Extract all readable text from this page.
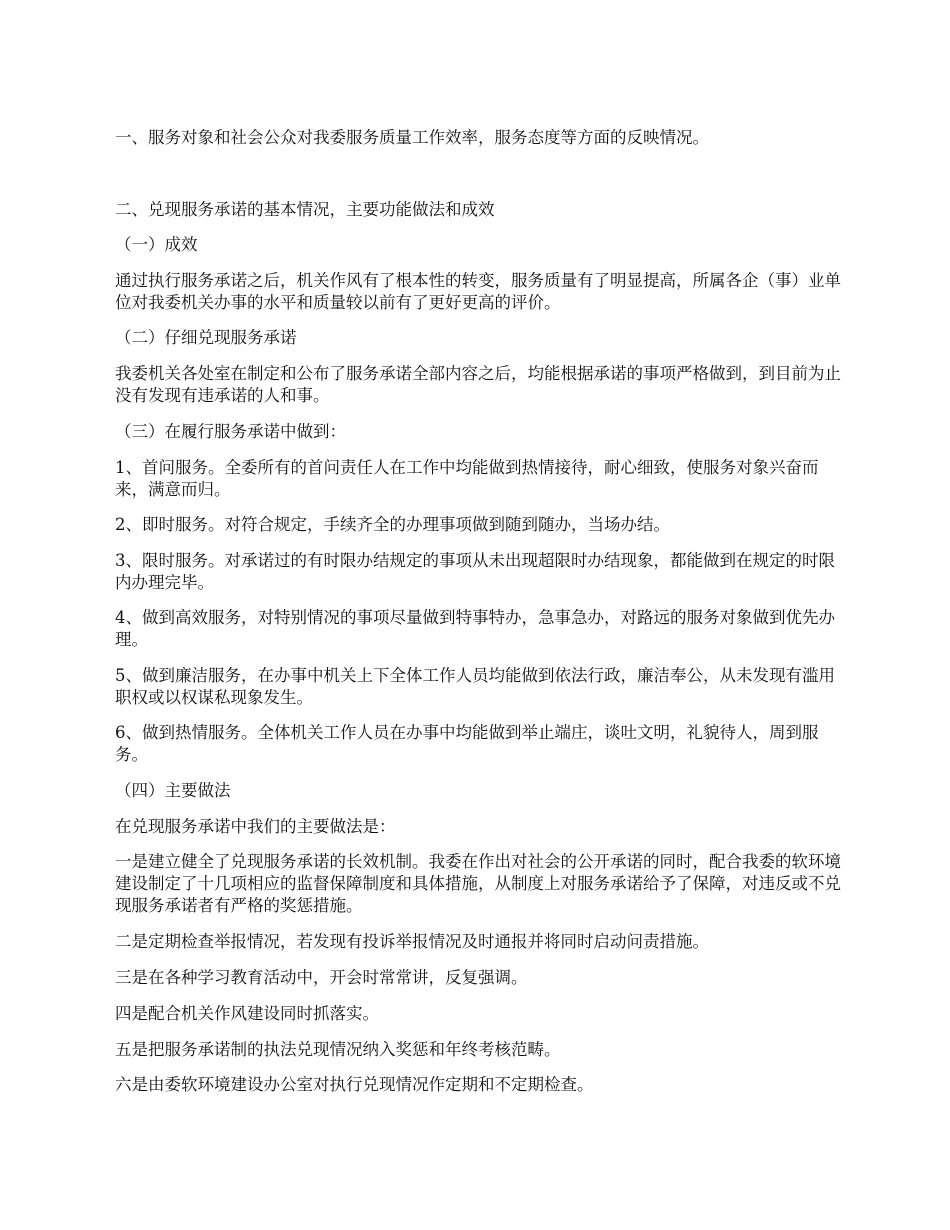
一、服务对象和社会公众对我委服务质量工作效率，服务态度等方面的反映情况。

二、兑现服务承诺的基本情况，主要功能做法和成效

（一）成效

通过执行服务承诺之后，机关作风有了根本性的转变，服务质量有了明显提高，所属各企（事）业单位对我委机关办事的水平和质量较以前有了更好更高的评价。

（二）仔细兑现服务承诺

我委机关各处室在制定和公布了服务承诺全部内容之后，均能根据承诺的事项严格做到，到目前为止没有发现有违承诺的人和事。

（三）在履行服务承诺中做到：

1、首问服务。全委所有的首问责任人在工作中均能做到热情接待，耐心细致，使服务对象兴奋而来，满意而归。

2、即时服务。对符合规定，手续齐全的办理事项做到随到随办，当场办结。

3、限时服务。对承诺过的有时限办结规定的事项从未出现超限时办结现象，都能做到在规定的时限内办理完毕。

4、做到高效服务，对特别情况的事项尽量做到特事特办，急事急办，对路远的服务对象做到优先办理。

5、做到廉洁服务，在办事中机关上下全体工作人员均能做到依法行政，廉洁奉公，从未发现有滥用职权或以权谋私现象发生。

6、做到热情服务。全体机关工作人员在办事中均能做到举止端庄，谈吐文明，礼貌待人，周到服务。

（四）主要做法

在兑现服务承诺中我们的主要做法是：

一是建立健全了兑现服务承诺的长效机制。我委在作出对社会的公开承诺的同时，配合我委的软环境建设制定了十几项相应的监督保障制度和具体措施，从制度上对服务承诺给予了保障，对违反或不兑现服务承诺者有严格的奖惩措施。

二是定期检查举报情况，若发现有投诉举报情况及时通报并将同时启动问责措施。

三是在各种学习教育活动中，开会时常常讲，反复强调。

四是配合机关作风建设同时抓落实。

五是把服务承诺制的执法兑现情况纳入奖惩和年终考核范畴。

六是由委软环境建设办公室对执行兑现情况作定期和不定期检查。
